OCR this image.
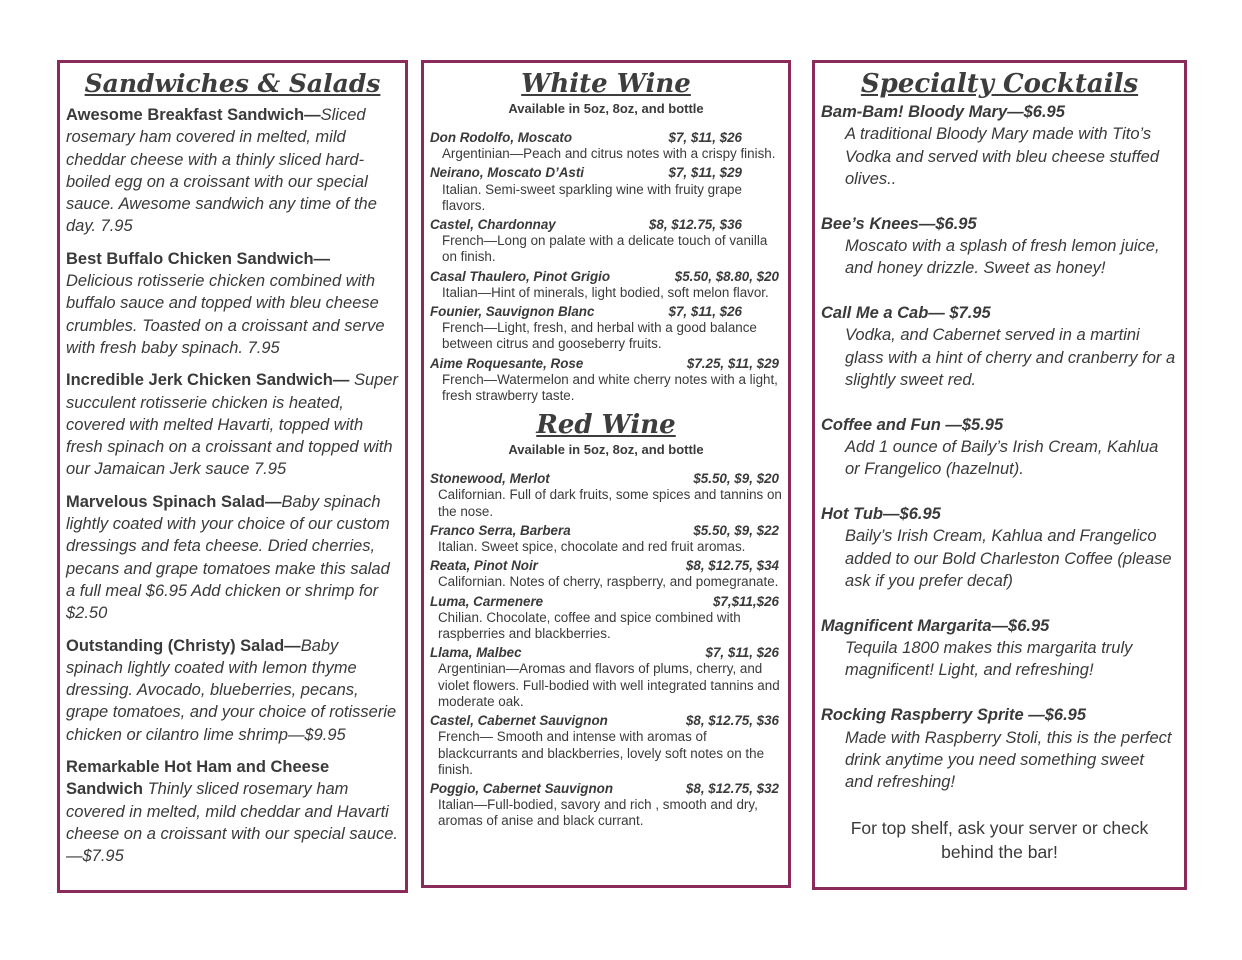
Sandwiches & Salads
Awesome Breakfast Sandwich—Sliced rosemary ham covered in melted, mild cheddar cheese with a thinly sliced hard-boiled egg on a croissant with our special sauce. Awesome sandwich any time of the day. 7.95
Best Buffalo Chicken Sandwich— Delicious rotisserie chicken combined with buffalo sauce and topped with bleu cheese crumbles. Toasted on a croissant and serve with fresh baby spinach. 7.95
Incredible Jerk Chicken Sandwich— Super succulent rotisserie chicken is heated, covered with melted Havarti, topped with fresh spinach on a croissant and topped with our Jamaican Jerk sauce 7.95
Marvelous Spinach Salad—Baby spinach lightly coated with your choice of our custom dressings and feta cheese. Dried cherries, pecans and grape tomatoes make this salad a full meal $6.95 Add chicken or shrimp for $2.50
Outstanding (Christy) Salad—Baby spinach lightly coated with lemon thyme dressing. Avocado, blueberries, pecans, grape tomatoes, and your choice of rotisserie chicken or cilantro lime shrimp—$9.95
Remarkable Hot Ham and Cheese Sandwich Thinly sliced rosemary ham covered in melted, mild cheddar and Havarti cheese on a croissant with our special sauce. —$7.95
White Wine
Available in 5oz, 8oz, and bottle
Don Rodolfo, Moscato	$7, $11, $26
Argentinian—Peach and citrus notes with a crispy finish.
Neirano, Moscato D’Asti	$7, $11, $29
Italian. Semi-sweet sparkling wine with fruity grape flavors.
Castel, Chardonnay	$8, $12.75, $36
French—Long on palate with a delicate touch of vanilla on finish.
Casal Thaulero, Pinot Grigio	$5.50, $8.80, $20
Italian—Hint of minerals, light bodied, soft melon flavor.
Founier, Sauvignon Blanc	$7, $11, $26
French—Light, fresh, and herbal with a good balance between citrus and gooseberry fruits.
Aime Roquesante, Rose	$7.25, $11, $29
French—Watermelon and white cherry notes with a light, fresh strawberry taste.
Red Wine
Available in 5oz, 8oz, and bottle
Stonewood, Merlot	$5.50, $9, $20
Californian. Full of dark fruits, some spices and tannins on the nose.
Franco Serra, Barbera	$5.50, $9, $22
Italian. Sweet spice, chocolate and red fruit aromas.
Reata, Pinot Noir	$8, $12.75, $34
Californian. Notes of cherry, raspberry, and pomegranate.
Luma, Carmenere	$7,$11,$26
Chilian. Chocolate, coffee and spice combined with raspberries and blackberries.
Llama, Malbec	$7, $11, $26
Argentinian—Aromas and flavors of plums, cherry, and violet flowers. Full-bodied with well integrated tannins and moderate oak.
Castel, Cabernet Sauvignon	$8, $12.75, $36
French— Smooth and intense with aromas of blackcurrants and blackberries, lovely soft notes on the finish.
Poggio, Cabernet Sauvignon	$8, $12.75, $32
Italian—Full-bodied, savory and rich , smooth and dry, aromas of anise and black currant.
Specialty Cocktails
Bam-Bam! Bloody Mary—$6.95
A traditional Bloody Mary made with Tito’s Vodka and served with bleu cheese stuffed olives..
Bee’s Knees—$6.95
Moscato with a splash of fresh lemon juice, and honey drizzle. Sweet as honey!
Call Me a Cab— $7.95
Vodka, and Cabernet served in a martini glass with a hint of cherry and cranberry for a slightly sweet red.
Coffee and Fun —$5.95
Add 1 ounce of Baily’s Irish Cream, Kahlua or Frangelico (hazelnut).
Hot Tub—$6.95
Baily’s Irish Cream, Kahlua and Frangelico added to our Bold Charleston Coffee (please ask if you prefer decaf)
Magnificent Margarita—$6.95
Tequila 1800 makes this margarita truly magnificent! Light, and refreshing!
Rocking Raspberry Sprite —$6.95
Made with Raspberry Stoli, this is the perfect drink anytime you need something sweet and refreshing!
For top shelf, ask your server or check behind the bar!
